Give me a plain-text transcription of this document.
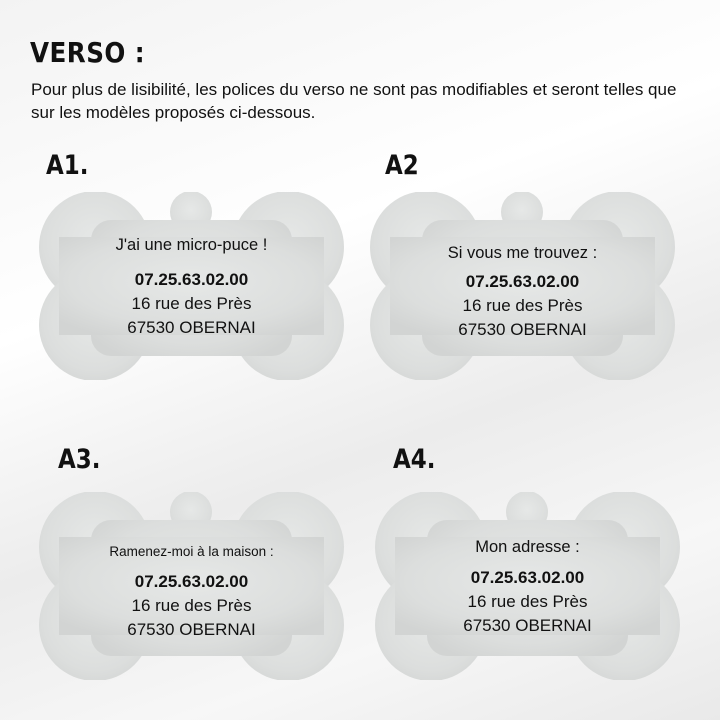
VERSO :

Pour plus de lisibilité, les polices du verso ne sont pas modifiables et seront telles que sur les modèles proposés ci-dessous.

A1.
J'ai une micro-puce !
07.25.63.02.00
16 rue des Près
67530 OBERNAI
A2
Si vous me trouvez :
07.25.63.02.00
16 rue des Près
67530 OBERNAI
A3.
Ramenez-moi à la maison :
07.25.63.02.00
16 rue des Près
67530 OBERNAI
A4.
Mon adresse :
07.25.63.02.00
16 rue des Près
67530 OBERNAI
